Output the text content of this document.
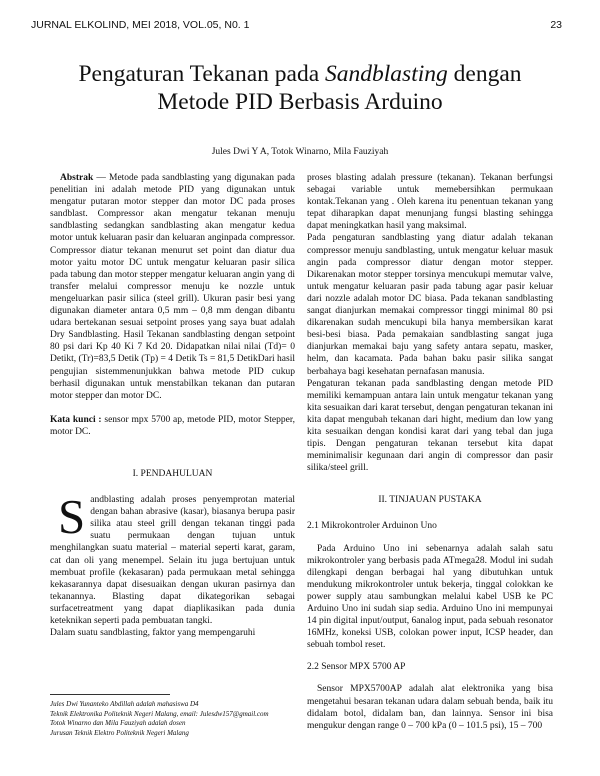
JURNAL ELKOLIND, MEI 2018, VOL.05, N0. 1	23
Pengaturan Tekanan pada Sandblasting dengan
Metode PID Berbasis Arduino
Jules Dwi Y A, Totok Winarno, Mila Fauziyah

Abstrak — Metode pada sandblasting yang digunakan pada penelitian ini adalah metode PID yang digunakan untuk mengatur putaran motor stepper dan motor DC pada proses sandblast. Compressor akan mengatur tekanan menuju sandblasting sedangkan sandblasting akan mengatur kedua motor untuk keluaran pasir dan keluaran anginpada compressor. Compressor diatur tekanan menurut set point dan diatur dua motor yaitu motor DC untuk mengatur keluaran pasir silica pada tabung dan motor stepper mengatur keluaran angin yang di transfer melalui compressor menuju ke nozzle untuk mengeluarkan pasir silica (steel grill). Ukuran pasir besi yang digunakan diameter antara 0,5 mm – 0,8 mm dengan dibantu udara bertekanan sesuai setpoint proses yang saya buat adalah Dry Sandblasting. Hasil Tekanan sandblasting dengan setpoint 80 psi dari Kp 40 Ki 7 Kd 20. Didapatkan nilai nilai (Td)= 0 Detikt, (Tr)=83,5 Detik (Tp) = 4 Detik Ts = 81,5 DetikDari hasil pengujian sistemmenunjukkan bahwa metode PID cukup berhasil digunakan untuk menstabilkan tekanan dan putaran motor stepper dan motor DC.

Kata kunci : sensor mpx 5700 ap, metode PID, motor Stepper, motor DC.

I. PENDAHULUAN

Sandblasting adalah proses penyemprotan material dengan bahan abrasive (kasar), biasanya berupa pasir silika atau steel grill dengan tekanan tinggi pada suatu permukaan dengan tujuan untuk menghilangkan suatu material – material seperti karat, garam, cat dan oli yang menempel. Selain itu juga bertujuan untuk membuat profile (kekasaran) pada permukaan metal sehingga kekasarannya dapat disesuaikan dengan ukuran pasirnya dan tekanannya. Blasting dapat dikategorikan sebagai surfacetreatment yang dapat diaplikasikan pada dunia keteknikan seperti pada pembuatan tangki.

Dalam suatu sandblasting, faktor yang mempengaruhi

Jules Dwi Yunanteko Abdillah adalah mahasiswa D4
Teknik Elektronika Politeknik Negeri Malang, email: Julesdw157@gmail.com
Totok Winarno dan Mila Fauziyah adalah dosen
Jurusan Teknik Elektro Politeknik Negeri Malang

proses blasting adalah pressure (tekanan). Tekanan berfungsi sebagai variable untuk memebersihkan permukaan kontak.Tekanan yang . Oleh karena itu penentuan tekanan yang tepat diharapkan dapat menunjang fungsi blasting sehingga dapat meningkatkan hasil yang maksimal.

Pada pengaturan sandblasting yang diatur adalah tekanan compressor menuju sandblasting, untuk mengatur keluar masuk angin pada compressor diatur dengan motor stepper. Dikarenakan motor stepper torsinya mencukupi memutar valve, untuk mengatur keluaran pasir pada tabung agar pasir keluar dari nozzle adalah motor DC biasa. Pada tekanan sandblasting sangat dianjurkan memakai compressor tinggi minimal 80 psi dikarenakan sudah mencukupi bila hanya membersikan karat besi-besi biasa. Pada pemakaian sandblasting sangat juga dianjurkan memakai baju yang safety antara sepatu, masker, helm, dan kacamata. Pada bahan baku pasir silika sangat berbahaya bagi kesehatan pernafasan manusia.

Pengaturan tekanan pada sandblasting dengan metode PID memiliki kemampuan antara lain untuk mengatur tekanan yang kita sesuaikan dari karat tersebut, dengan pengaturan tekanan ini kita dapat mengubah tekanan dari hight, medium dan low yang kita sesuaikan dengan kondisi karat dari yang tebal dan juga tipis. Dengan pengaturan tekanan tersebut kita dapat meminimalisir kegunaan dari angin di compressor dan pasir silika/steel grill.

II. TINJAUAN PUSTAKA
2.1 Mikrokontroler Arduinon Uno

Pada Arduino Uno ini sebenarnya adalah salah satu mikrokontroler yang berbasis pada ATmega28. Modul ini sudah dilengkapi dengan berbagai hal yang dibutuhkan untuk mendukung mikrokontroler untuk bekerja, tinggal colokkan ke power supply atau sambungkan melalui kabel USB ke PC Arduino Uno ini sudah siap sedia. Arduino Uno ini mempunyai 14 pin digital input/output, 6analog input, pada sebuah resonator 16MHz, koneksi USB, colokan power input, ICSP header, dan sebuah tombol reset.

2.2 Sensor MPX 5700 AP

Sensor MPX5700AP adalah alat elektronika yang bisa mengetahui besaran tekanan udara dalam sebuah benda, baik itu didalam botol, didalam ban, dan lainnya. Sensor ini bisa mengukur dengan range 0 – 700 kPa (0 – 101.5 psi), 15 – 700
